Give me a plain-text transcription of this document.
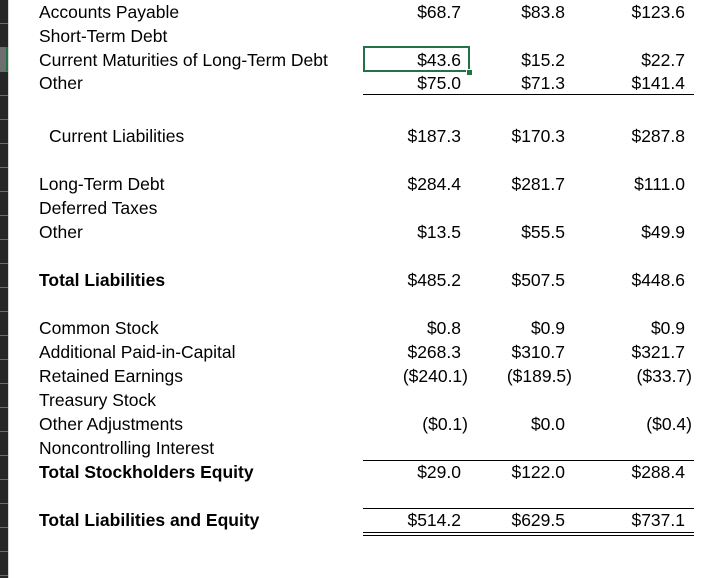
Accounts Payable	$68.7	$83.8	$123.6
Short-Term Debt
Current Maturities of Long-Term Debt	$43.6	$15.2	$22.7
Other	$75.0	$71.3	$141.4
Current Liabilities	$187.3	$170.3	$287.8
Long-Term Debt	$284.4	$281.7	$111.0
Deferred Taxes
Other	$13.5	$55.5	$49.9
Total Liabilities	$485.2	$507.5	$448.6
Common Stock	$0.8	$0.9	$0.9
Additional Paid-in-Capital	$268.3	$310.7	$321.7
Retained Earnings	($240.1)	($189.5)	($33.7)
Treasury Stock
Other Adjustments	($0.1)	$0.0	($0.4)
Noncontrolling Interest
Total Stockholders Equity	$29.0	$122.0	$288.4
Total Liabilities and Equity	$514.2	$629.5	$737.1
